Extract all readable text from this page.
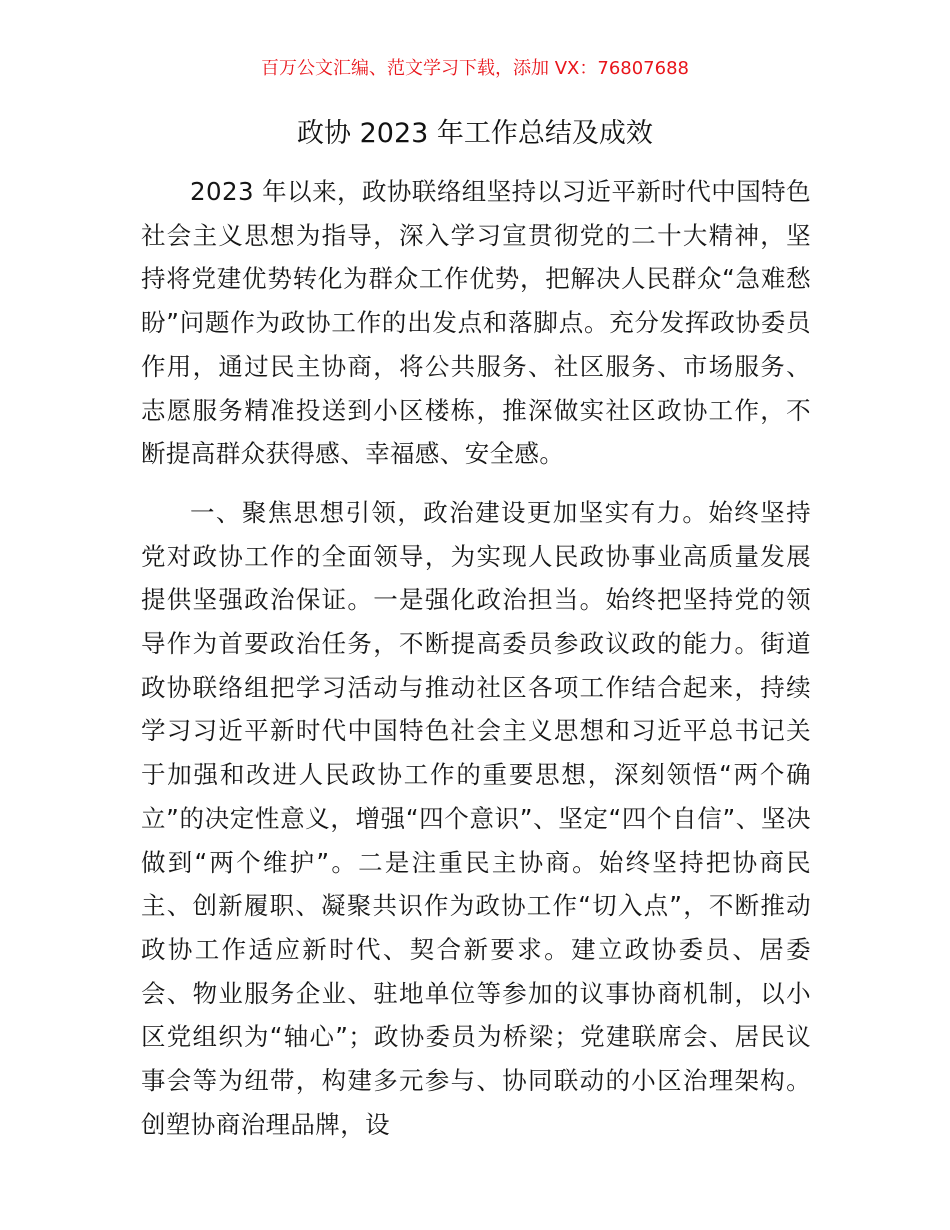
百万公文汇编、范文学习下载，添加 VX：76807688
政协 2023 年工作总结及成效

2023 年以来，政协联络组坚持以习近平新时代中国特色社会主义思想为指导，深入学习宣贯彻党的二十大精神，坚持将党建优势转化为群众工作优势，把解决人民群众“急难愁盼”问题作为政协工作的出发点和落脚点。充分发挥政协委员作用，通过民主协商，将公共服务、社区服务、市场服务、志愿服务精准投送到小区楼栋，推深做实社区政协工作，不断提高群众获得感、幸福感、安全感。

一、聚焦思想引领，政治建设更加坚实有力。始终坚持党对政协工作的全面领导，为实现人民政协事业高质量发展提供坚强政治保证。一是强化政治担当。始终把坚持党的领导作为首要政治任务，不断提高委员参政议政的能力。街道政协联络组把学习活动与推动社区各项工作结合起来，持续学习习近平新时代中国特色社会主义思想和习近平总书记关于加强和改进人民政协工作的重要思想，深刻领悟“两个确立”的决定性意义，增强“四个意识”、坚定“四个自信”、坚决做到“两个维护”。二是注重民主协商。始终坚持把协商民主、创新履职、凝聚共识作为政协工作“切入点”，不断推动政协工作适应新时代、契合新要求。建立政协委员、居委会、物业服务企业、驻地单位等参加的议事协商机制，以小区党组织为“轴心”；政协委员为桥梁；党建联席会、居民议事会等为纽带，构建多元参与、协同联动的小区治理架构。创塑协商治理品牌，设
